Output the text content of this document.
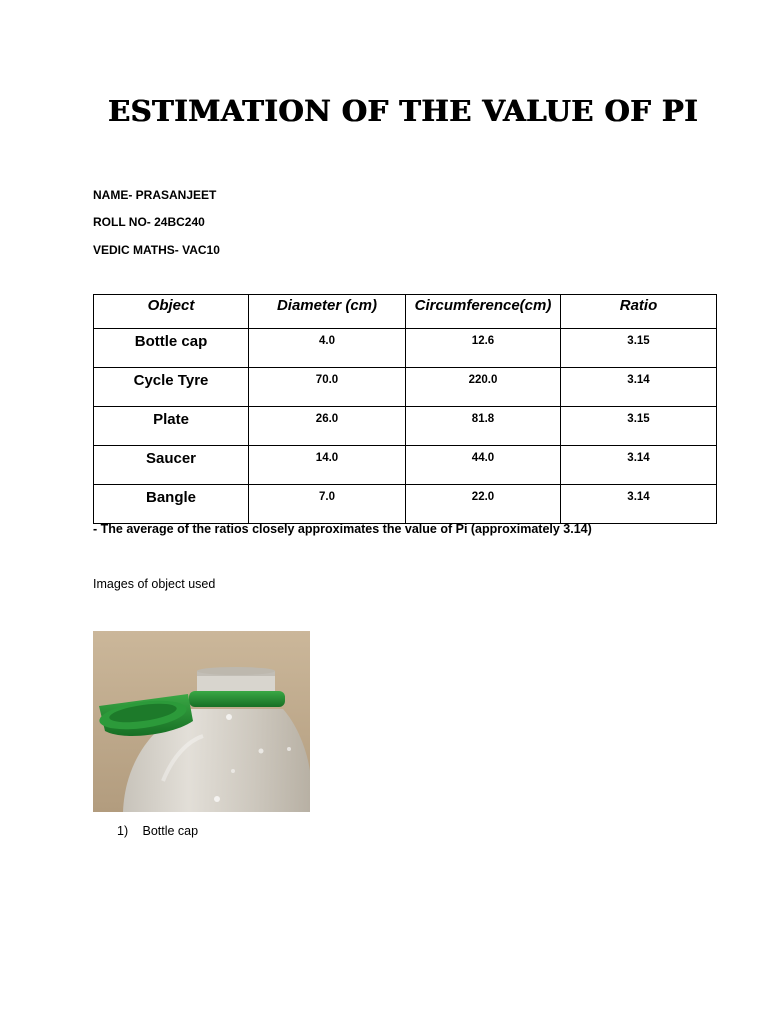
ESTIMATION OF THE VALUE OF PI
NAME- PRASANJEET
ROLL NO- 24BC240
VEDIC MATHS- VAC10
Object	Diameter (cm)	Circumference(cm)	Ratio
Bottle cap	4.0	12.6	3.15
Cycle Tyre	70.0	220.0	3.14
Plate	26.0	81.8	3.15
Saucer	14.0	44.0	3.14
Bangle	7.0	22.0	3.14
- The average of the ratios closely approximates the value of Pi (approximately 3.14)
Images of object used
1) Bottle cap
